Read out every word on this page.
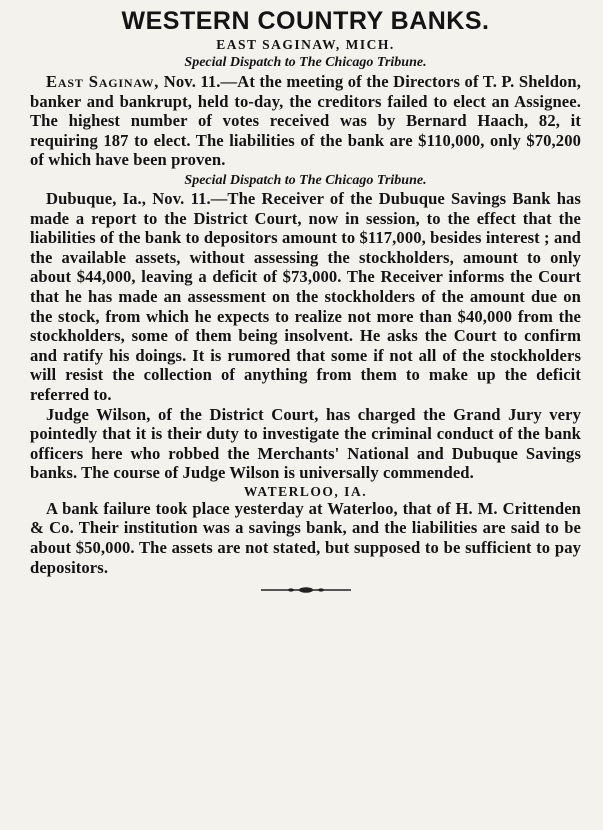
WESTERN COUNTRY BANKS.
EAST SAGINAW, MICH.
Special Dispatch to The Chicago Tribune.

East Saginaw, Nov. 11.—At the meeting of the Directors of T. P. Sheldon, banker and bankrupt, held to-day, the creditors failed to elect an Assignee. The highest number of votes received was by Bernard Haach, 82, it requiring 187 to elect. The liabilities of the bank are $110,000, only $70,200 of which have been proven.

Special Dispatch to The Chicago Tribune.

Dubuque, Ia., Nov. 11.—The Receiver of the Dubuque Savings Bank has made a report to the District Court, now in session, to the effect that the liabilities of the bank to depositors amount to $117,000, besides interest ; and the available assets, without assessing the stockholders, amount to only about $44,000, leaving a deficit of $73,000. The Receiver informs the Court that he has made an assessment on the stockholders of the amount due on the stock, from which he expects to realize not more than $40,000 from the stockholders, some of them being insolvent. He asks the Court to confirm and ratify his doings. It is rumored that some if not all of the stockholders will resist the collection of anything from them to make up the deficit referred to.

Judge Wilson, of the District Court, has charged the Grand Jury very pointedly that it is their duty to investigate the criminal conduct of the bank officers here who robbed the Merchants' National and Dubuque Savings banks. The course of Judge Wilson is universally commended.

WATERLOO, IA.

A bank failure took place yesterday at Waterloo, that of H. M. Crittenden & Co. Their institution was a savings bank, and the liabilities are said to be about $50,000. The assets are not stated, but supposed to be sufficient to pay depositors.
